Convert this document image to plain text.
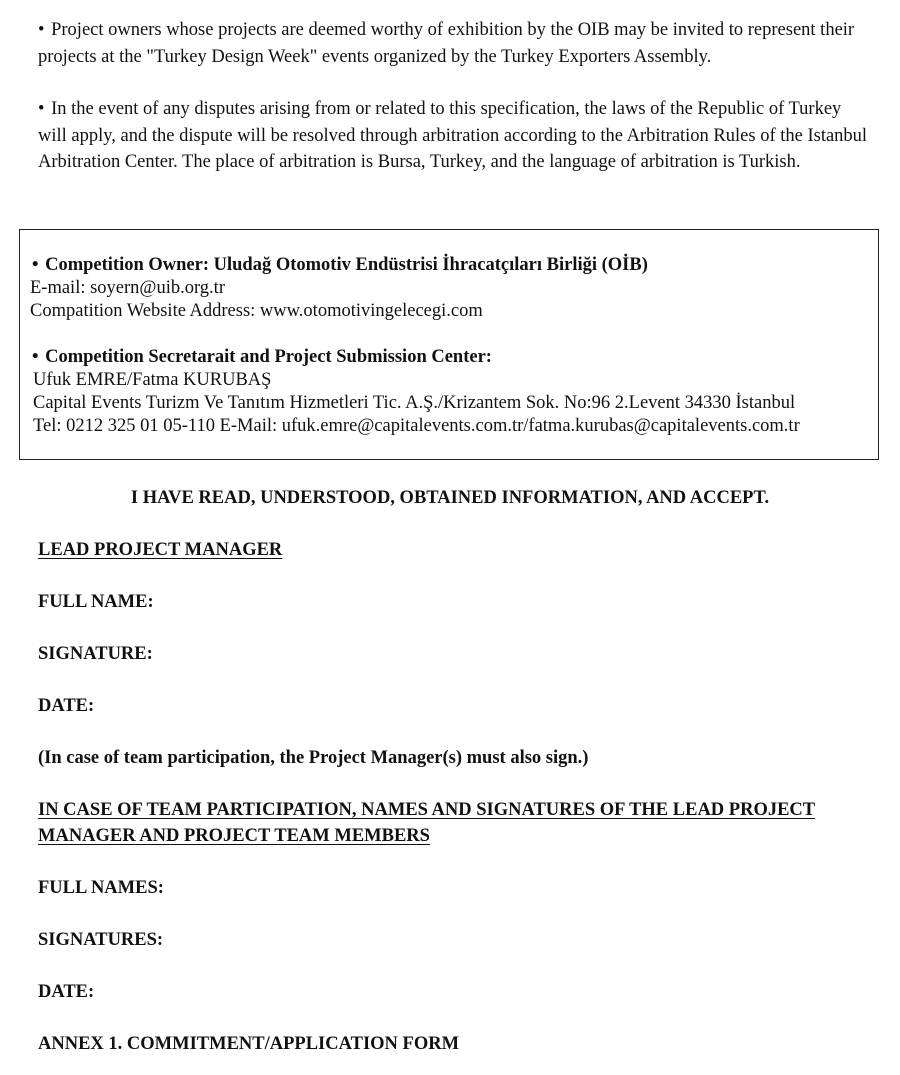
• Project owners whose projects are deemed worthy of exhibition by the OIB may be invited to represent their projects at the "Turkey Design Week" events organized by the Turkey Exporters Assembly.

• In the event of any disputes arising from or related to this specification, the laws of the Republic of Turkey will apply, and the dispute will be resolved through arbitration according to the Arbitration Rules of the Istanbul Arbitration Center. The place of arbitration is Bursa, Turkey, and the language of arbitration is Turkish.

• Competition Owner: Uludağ Otomotiv Endüstrisi İhracatçıları Birliği (OİB)

E-mail: soyern@uib.org.tr

Compatition Website Address: www.otomotivingelecegi.com

• Competition Secretarait and Project Submission Center:

Ufuk EMRE/Fatma KURUBAŞ

Capital Events Turizm Ve Tanıtım Hizmetleri Tic. A.Ş./Krizantem Sok. No:96 2.Levent 34330 İstanbul

Tel: 0212 325 01 05-110 E-Mail: ufuk.emre@capitalevents.com.tr/fatma.kurubas@capitalevents.com.tr

I HAVE READ, UNDERSTOOD, OBTAINED INFORMATION, AND ACCEPT.

LEAD PROJECT MANAGER

FULL NAME:

SIGNATURE:

DATE:

(In case of team participation, the Project Manager(s) must also sign.)

IN CASE OF TEAM PARTICIPATION, NAMES AND SIGNATURES OF THE LEAD PROJECT

MANAGER AND PROJECT TEAM MEMBERS

FULL NAMES:

SIGNATURES:

DATE:

ANNEX 1. COMMITMENT/APPLICATION FORM
